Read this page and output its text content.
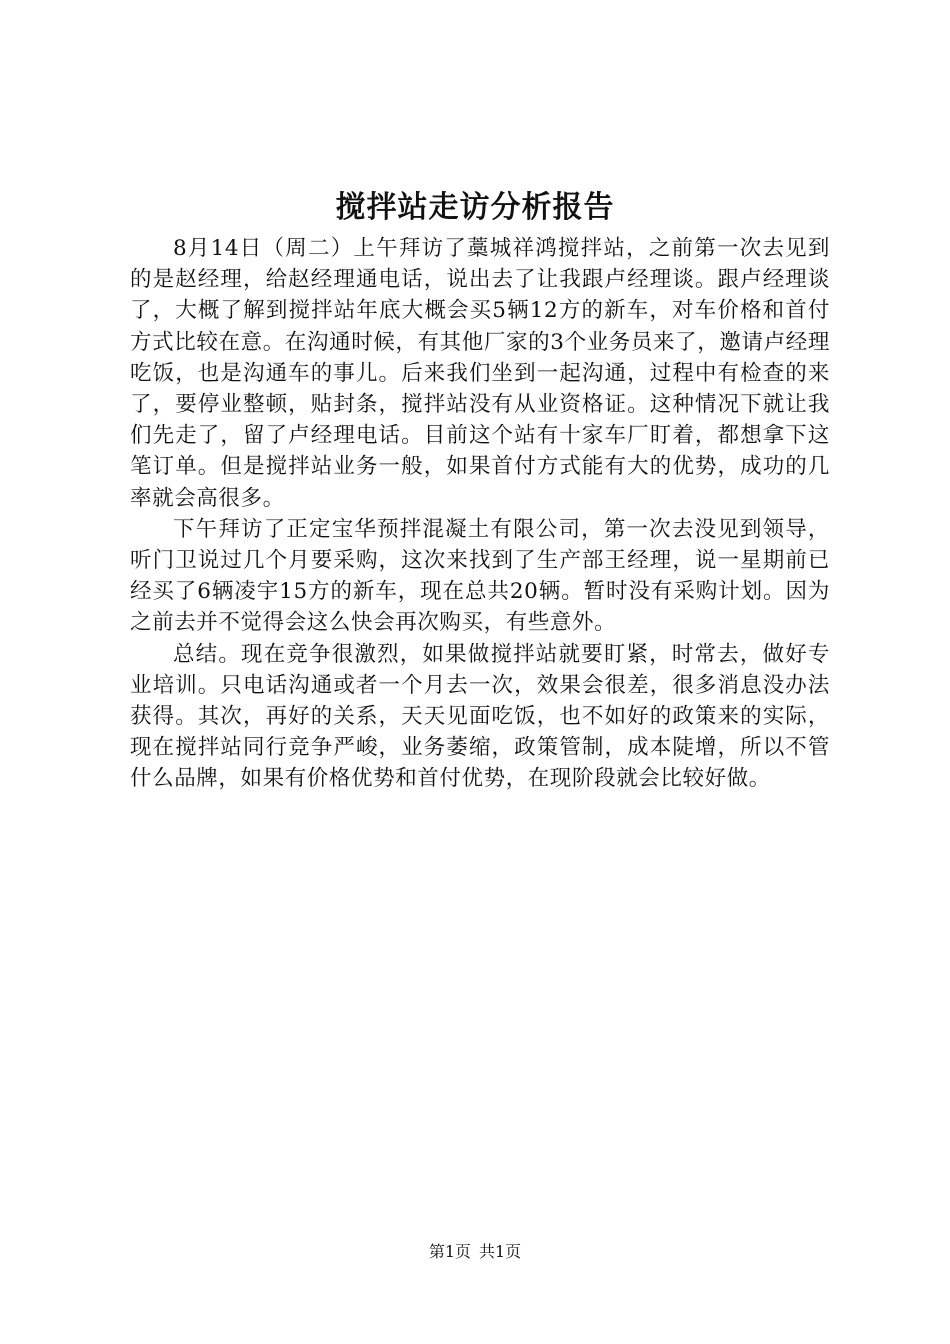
搅拌站走访分析报告

8月14日（周二）上午拜访了藁城祥鸿搅拌站，之前第一次去见到的是赵经理，给赵经理通电话，说出去了让我跟卢经理谈。跟卢经理谈了，大概了解到搅拌站年底大概会买5辆12方的新车，对车价格和首付方式比较在意。在沟通时候，有其他厂家的3个业务员来了，邀请卢经理吃饭，也是沟通车的事儿。后来我们坐到一起沟通，过程中有检查的来了，要停业整顿，贴封条，搅拌站没有从业资格证。这种情况下就让我们先走了，留了卢经理电话。目前这个站有十家车厂盯着，都想拿下这笔订单。但是搅拌站业务一般，如果首付方式能有大的优势，成功的几率就会高很多。

下午拜访了正定宝华预拌混凝土有限公司，第一次去没见到领导，听门卫说过几个月要采购，这次来找到了生产部王经理，说一星期前已经买了6辆凌宇15方的新车，现在总共20辆。暂时没有采购计划。因为之前去并不觉得会这么快会再次购买，有些意外。

总结。现在竞争很激烈，如果做搅拌站就要盯紧，时常去，做好专业培训。只电话沟通或者一个月去一次，效果会很差，很多消息没办法获得。其次，再好的关系，天天见面吃饭，也不如好的政策来的实际，现在搅拌站同行竞争严峻，业务萎缩，政策管制，成本陡增，所以不管什么品牌，如果有价格优势和首付优势，在现阶段就会比较好做。

第1页 共1页
